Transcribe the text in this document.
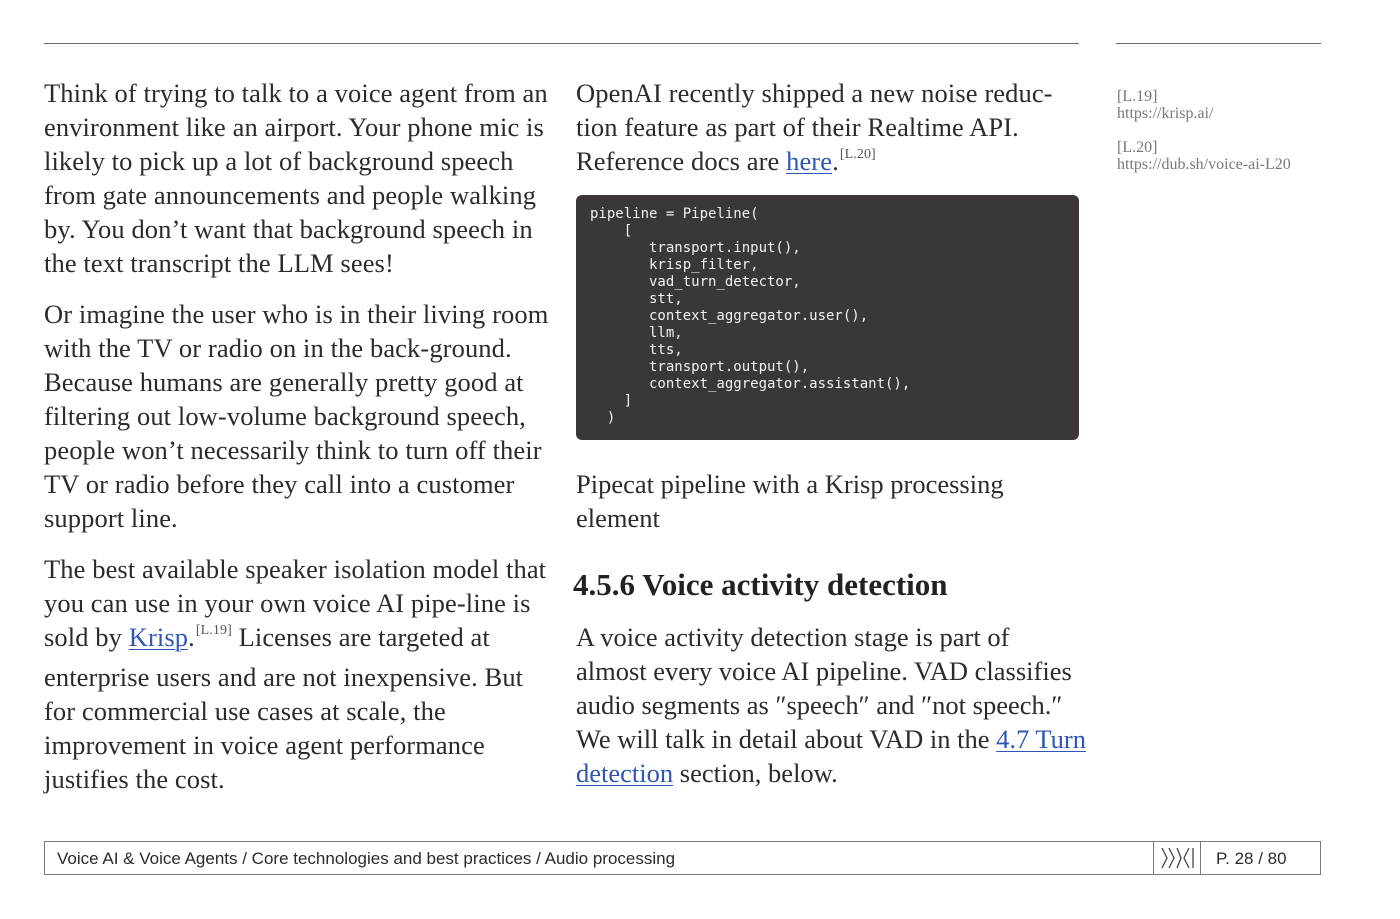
Think of trying to talk to a voice agent from an environment like an airport. Your phone mic is likely to pick up a lot of background speech from gate announcements and people walking by. You don’t want that background speech in the text transcript the LLM sees!

Or imagine the user who is in their living room with the TV or radio on in the back-ground. Because humans are generally pretty good at filtering out low-volume background speech, people won’t necessarily think to turn off their TV or radio before they call into a customer support line.

The best available speaker isolation model that you can use in your own voice AI pipe-line is sold by Krisp.[L.19] Licenses are targeted at enterprise users and are not inexpensive. But for commercial use cases at scale, the improvement in voice agent performance justifies the cost.

OpenAI recently shipped a new noise reduc-tion feature as part of their Realtime API. Reference docs are here.[L.20]

pipeline = Pipeline(
[
transport.input(),
krisp_filter,
vad_turn_detector,
stt,
context_aggregator.user(),
llm,
tts,
transport.output(),
context_aggregator.assistant(),
]
)
Pipecat pipeline with a Krisp processing element
4.5.6 Voice activity detection
A voice activity detection stage is part of almost every voice AI pipeline. VAD classifies audio segments as ″speech″ and ″not speech.″ We will talk in detail about VAD in the 4.7 Turn detection section, below.
[L.19]
https://krisp.ai/
[L.20]
https://dub.sh/voice-ai-L20
Voice AI & Voice Agents / Core technologies and best practices / Audio processing	P. 28 / 80
